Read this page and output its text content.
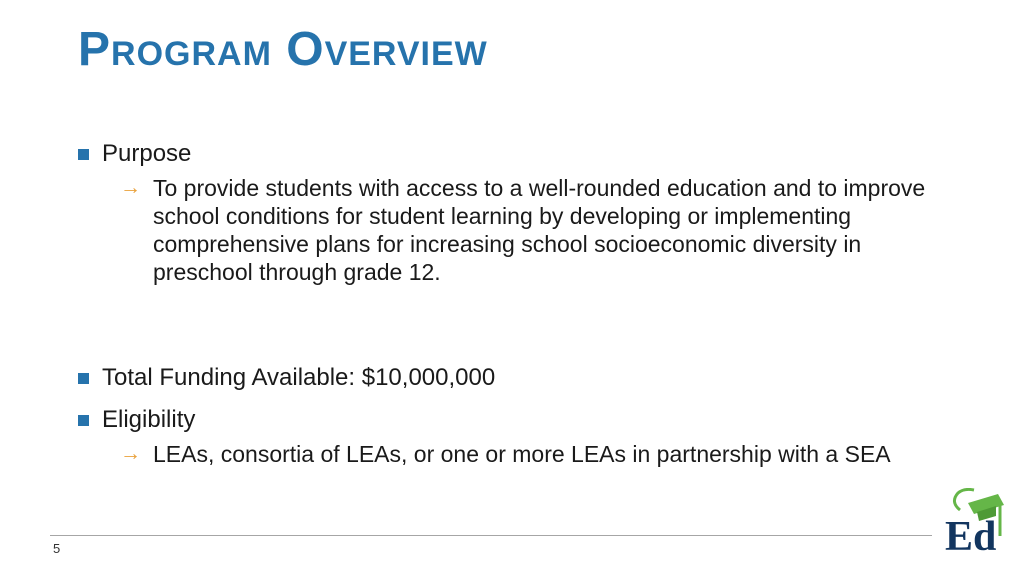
Program Overview
Purpose
→ To provide students with access to a well-rounded education and to improve school conditions for student learning by developing or implementing comprehensive plans for increasing school socioeconomic diversity in preschool through grade 12.
Total Funding Available: $10,000,000
Eligibility
→ LEAs, consortia of LEAs, or one or more LEAs in partnership with a SEA
5	Ed
